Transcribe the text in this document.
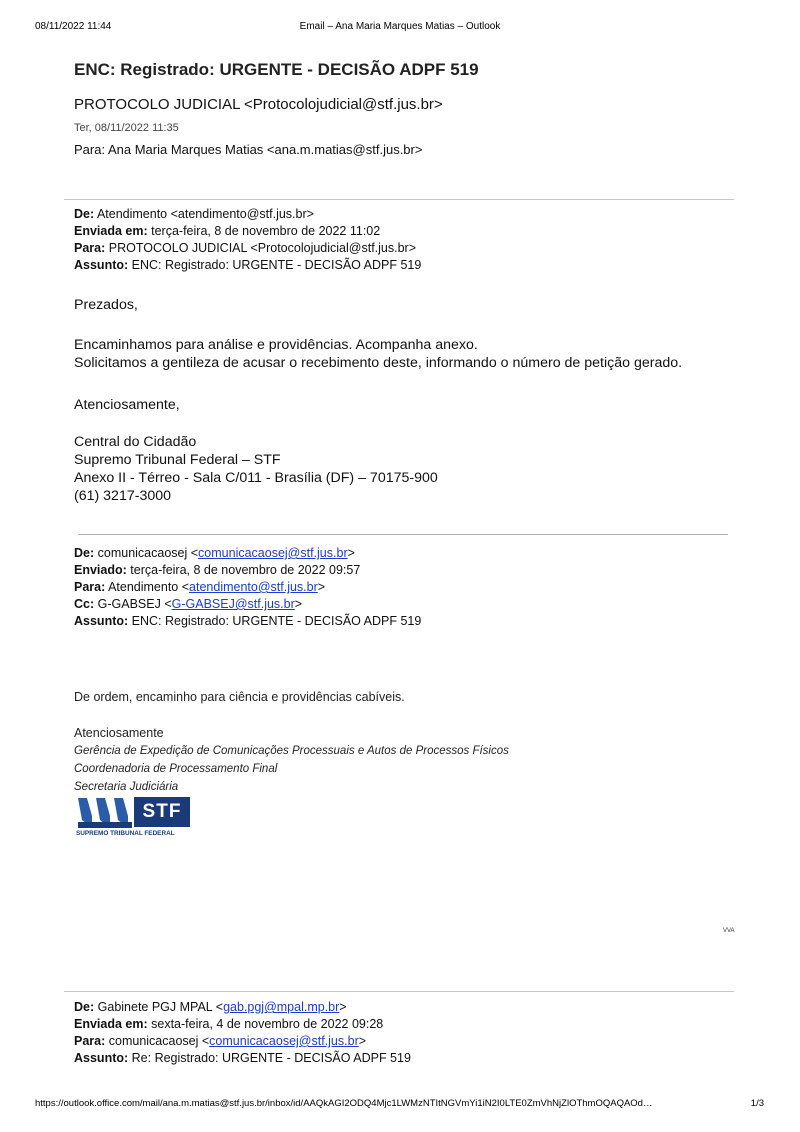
08/11/2022 11:44	Email – Ana Maria Marques Matias – Outlook
ENC: Registrado: URGENTE - DECISÃO ADPF 519
PROTOCOLO JUDICIAL <Protocolojudicial@stf.jus.br>
Ter, 08/11/2022 11:35
Para: Ana Maria Marques Matias <ana.m.matias@stf.jus.br>
De: Atendimento <atendimento@stf.jus.br>
Enviada em: terça-feira, 8 de novembro de 2022 11:02
Para: PROTOCOLO JUDICIAL <Protocolojudicial@stf.jus.br>
Assunto: ENC: Registrado: URGENTE - DECISÃO ADPF 519
Prezados,
Encaminhamos para análise e providências. Acompanha anexo.
Solicitamos a gentileza de acusar o recebimento deste, informando o número de petição gerado.
Atenciosamente,
Central do Cidadão
Supremo Tribunal Federal – STF
Anexo II - Térreo - Sala C/011 - Brasília (DF) – 70175-900
(61) 3217-3000
De: comunicacaosej <comunicacaosej@stf.jus.br>
Enviado: terça-feira, 8 de novembro de 2022 09:57
Para: Atendimento <atendimento@stf.jus.br>
Cc: G-GABSEJ <G-GABSEJ@stf.jus.br>
Assunto: ENC: Registrado: URGENTE - DECISÃO ADPF 519
De ordem, encaminho para ciência e providências cabíveis.
Atenciosamente
Gerência de Expedição de Comunicações Processuais e Autos de Processos Físicos
Coordenadoria de Processamento Final
Secretaria Judiciária
STF
SUPREMO TRIBUNAL FEDERAL
VVA
De: Gabinete PGJ MPAL <gab.pgj@mpal.mp.br>
Enviada em: sexta-feira, 4 de novembro de 2022 09:28
Para: comunicacaosej <comunicacaosej@stf.jus.br>
Assunto: Re: Registrado: URGENTE - DECISÃO ADPF 519
https://outlook.office.com/mail/ana.m.matias@stf.jus.br/inbox/id/AAQkAGI2ODQ4Mjc1LWMzNTItNGVmYi1iN2I0LTE0ZmVhNjZlOThmOQAQAOd…	1/3
